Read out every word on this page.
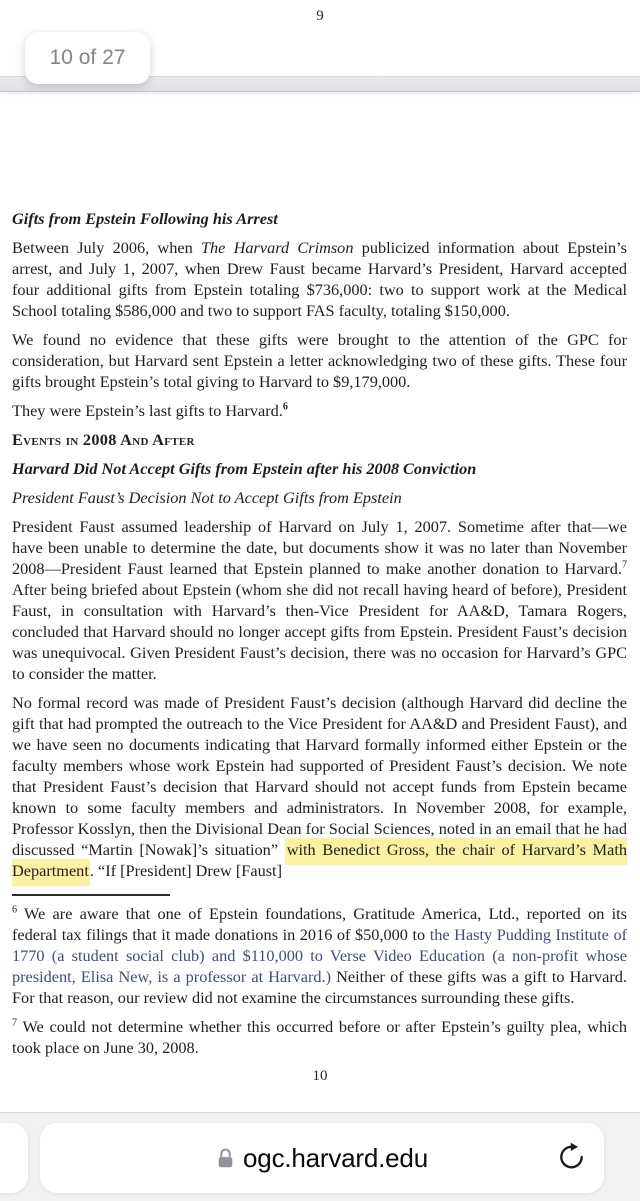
9
10 of 27
Gifts from Epstein Following his Arrest

Between July 2006, when The Harvard Crimson publicized information about Epstein’s arrest, and July 1, 2007, when Drew Faust became Harvard’s President, Harvard accepted four additional gifts from Epstein totaling $736,000: two to support work at the Medical School totaling $586,000 and two to support FAS faculty, totaling $150,000.

We found no evidence that these gifts were brought to the attention of the GPC for consideration, but Harvard sent Epstein a letter acknowledging two of these gifts. These four gifts brought Epstein’s total giving to Harvard to $9,179,000.

They were Epstein’s last gifts to Harvard.$^6$

Events in 2008 And After
Harvard Did Not Accept Gifts from Epstein after his 2008 Conviction
President Faust’s Decision Not to Accept Gifts from Epstein

President Faust assumed leadership of Harvard on July 1, 2007. Sometime after that—we have been unable to determine the date, but documents show it was no later than November 2008—President Faust learned that Epstein planned to make another donation to Harvard.$^7$ After being briefed about Epstein (whom she did not recall having heard of before), President Faust, in consultation with Harvard’s then-Vice President for AA&D, Tamara Rogers, concluded that Harvard should no longer accept gifts from Epstein. President Faust’s decision was unequivocal. Given President Faust’s decision, there was no occasion for Harvard’s GPC to consider the matter.

No formal record was made of President Faust’s decision (although Harvard did decline the gift that had prompted the outreach to the Vice President for AA&D and President Faust), and we have seen no documents indicating that Harvard formally informed either Epstein or the faculty members whose work Epstein had supported of President Faust’s decision. We note that President Faust’s decision that Harvard should not accept funds from Epstein became known to some faculty members and administrators. In November 2008, for example, Professor Kosslyn, then the Divisional Dean for Social Sciences, noted in an email that he had discussed “Martin [Nowak]’s situation” with Benedict Gross, the chair of Harvard’s Math Department. “If [President] Drew [Faust]

$^6$ We are aware that one of Epstein foundations, Gratitude America, Ltd., reported on its federal tax filings that it made donations in 2016 of $50,000 to the Hasty Pudding Institute of 1770 (a student social club) and $110,000 to Verse Video Education (a non-profit whose president, Elisa New, is a professor at Harvard.) Neither of these gifts was a gift to Harvard. For that reason, our review did not examine the circumstances surrounding these gifts.

$^7$ We could not determine whether this occurred before or after Epstein’s guilty plea, which took place on June 30, 2008.

10
ogc.harvard.edu
